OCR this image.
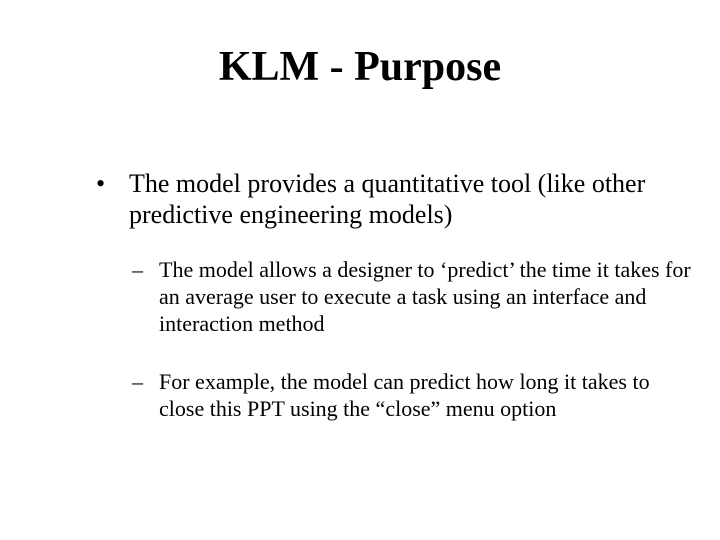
KLM - Purpose
• The model provides a quantitative tool (like other predictive engineering models)
– The model allows a designer to ‘predict’ the time it takes for an average user to execute a task using an interface and interaction method
– For example, the model can predict how long it takes to close this PPT using the “close” menu option
